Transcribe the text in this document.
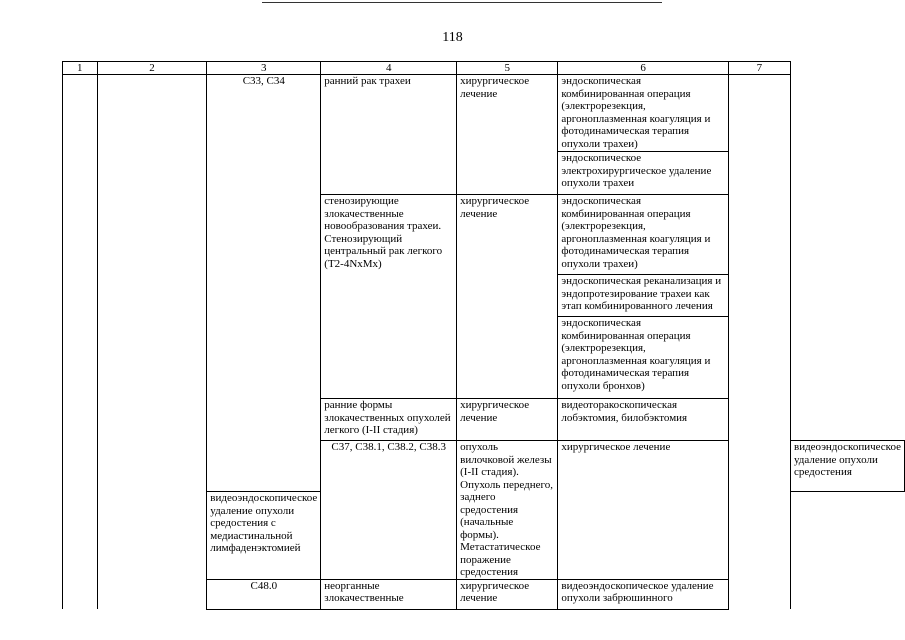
118
1	2	3	4	5	6	7	
		C33, C34	ранний рак трахеи	хирургическое лечение	эндоскопическая комбинированная операция (электрорезекция, аргоноплазменная коагуляция и фотодинамическая терапия опухоли трахеи)		
					эндоскопическое электрохирургическое удаление опухоли трахеи		
			стенозирующие злокачественные новообразования трахеи. Стенозирующий центральный рак легкого (T2-4NxMx)	хирургическое лечение	эндоскопическая комбинированная операция (электрорезекция, аргоноплазменная коагуляция и фотодинамическая терапия опухоли трахеи)		
					эндоскопическая реканализация и эндопротезирование трахеи как этап комбинированного лечения		
					эндоскопическая комбинированная операция (электрорезекция, аргоноплазменная коагуляция и фотодинамическая терапия опухоли бронхов)		
			ранние формы злокачественных опухолей легкого (I-II стадия)	хирургическое лечение	видеоторакоскопическая лобэктомия, билобэктомия		
			C37, C38.1, C38.2, C38.3	опухоль вилочковой железы (I-II стадия). Опухоль переднего, заднего средостения (начальные формы). Метастатическое поражение средостения	хирургическое лечение		видеоэндоскопическое удаление опухоли средостения
		видеоэндоскопическое удаление опухоли средостения с медиастинальной лимфаденэктомией					
		C48.0	неорганные злокачественные	хирургическое лечение	видеоэндоскопическое удаление опухоли забрюшинного		
